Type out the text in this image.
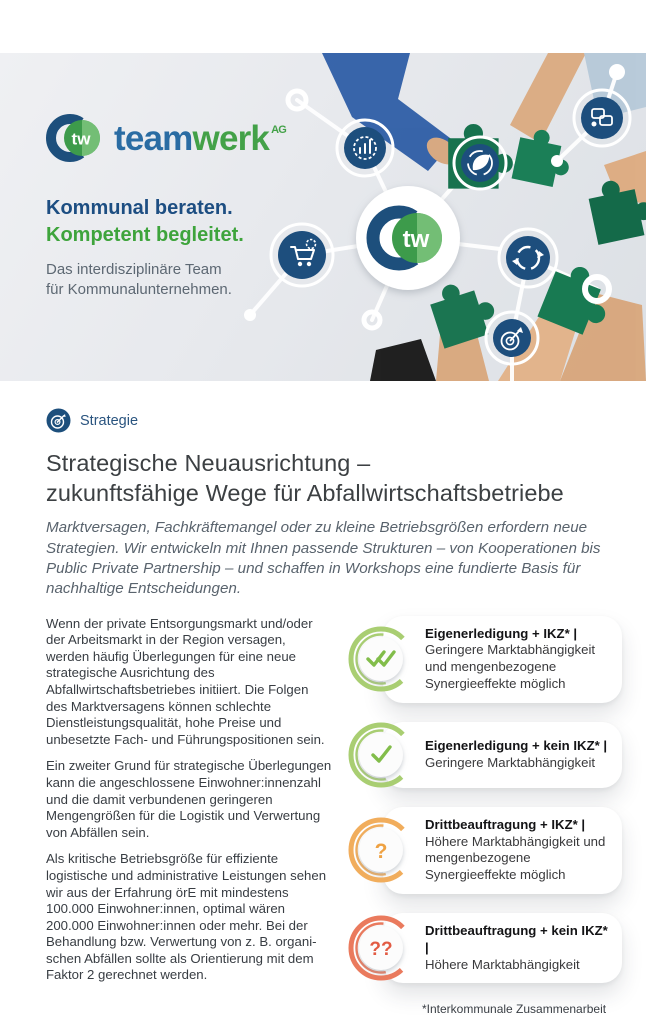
tw
tw teamwerk $^{AG}$
Kommunal beraten.
Kompetent begleitet.
Das interdisziplinäre Team
für Kommunalunternehmen.
Strategie
Strategische Neuausrichtung –
zukunftsfähige Wege für Abfallwirtschaftsbetriebe

Marktversagen, Fachkräftemangel oder zu kleine Betriebsgrößen erfordern neue Strategien. Wir entwickeln mit Ihnen passende Strukturen – von Kooperationen bis Public Private Partnership – und schaffen in Workshops eine fundierte Basis für nachhaltige Entscheidungen.

Wenn der private Entsorgungsmarkt und/oder der Arbeitsmarkt in der Region versagen, werden häufig Überlegungen für eine neue strategische Ausrichtung des Abfallwirtschaftsbetriebes initiiert. Die Folgen des Marktversagens können schlechte Dienstleistungsqualität, hohe Preise und unbesetzte Fach- und Führungspositionen sein.

Ein zweiter Grund für strategische Überlegungen kann die angeschlossene Einwohner:innenzahl und die damit verbundenen geringeren Mengengrößen für die Logistik und Verwertung von Abfällen sein.

Als kritische Betriebsgröße für effiziente logistische und administrative Leistungen sehen wir aus der Erfahrung örE mit mindestens 100.000 Einwohner:innen, optimal wären 200.000 Einwohner:innen oder mehr. Bei der Behandlung bzw. Verwertung von z. B. organischen Abfällen sollte als Orientierung mit dem Faktor 2 gerechnet werden.

Eigenerledigung + IKZ* | Geringere Marktabhängigkeit und mengenbezogene Synergieeffekte möglich

Eigenerledigung + kein IKZ* |
Geringere Marktabhängigkeit

?

Drittbeauftragung + IKZ* | Höhere Marktabhängigkeit und mengenbezogene Synergieeffekte möglich

??

Drittbeauftragung + kein IKZ* |
Höhere Marktabhängigkeit

*Interkommunale Zusammenarbeit
